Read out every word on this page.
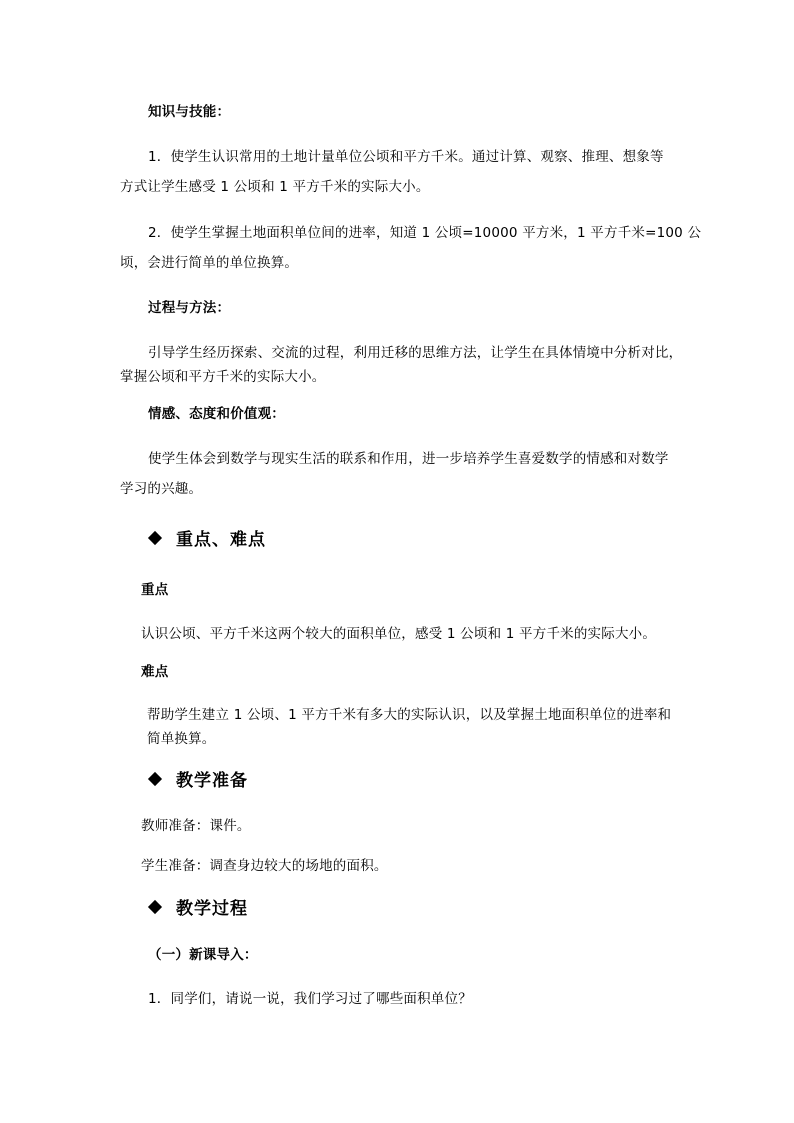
知识与技能：
1．使学生认识常用的土地计量单位公顷和平方千米。通过计算、观察、推理、想象等
方式让学生感受 1 公顷和 1 平方千米的实际大小。
2．使学生掌握土地面积单位间的进率，知道 1 公顷=10000 平方米，1 平方千米=100 公
顷，会进行简单的单位换算。
过程与方法：
引导学生经历探索、交流的过程，利用迁移的思维方法，让学生在具体情境中分析对比，
掌握公顷和平方千米的实际大小。
情感、态度和价值观：
使学生体会到数学与现实生活的联系和作用，进一步培养学生喜爱数学的情感和对数学
学习的兴趣。
重点、难点
重点
认识公顷、平方千米这两个较大的面积单位，感受 1 公顷和 1 平方千米的实际大小。
难点
帮助学生建立 1 公顷、1 平方千米有多大的实际认识，以及掌握土地面积单位的进率和
简单换算。
教学准备
教师准备：课件。
学生准备：调查身边较大的场地的面积。
教学过程
（一）新课导入：
1．同学们，请说一说，我们学习过了哪些面积单位？
